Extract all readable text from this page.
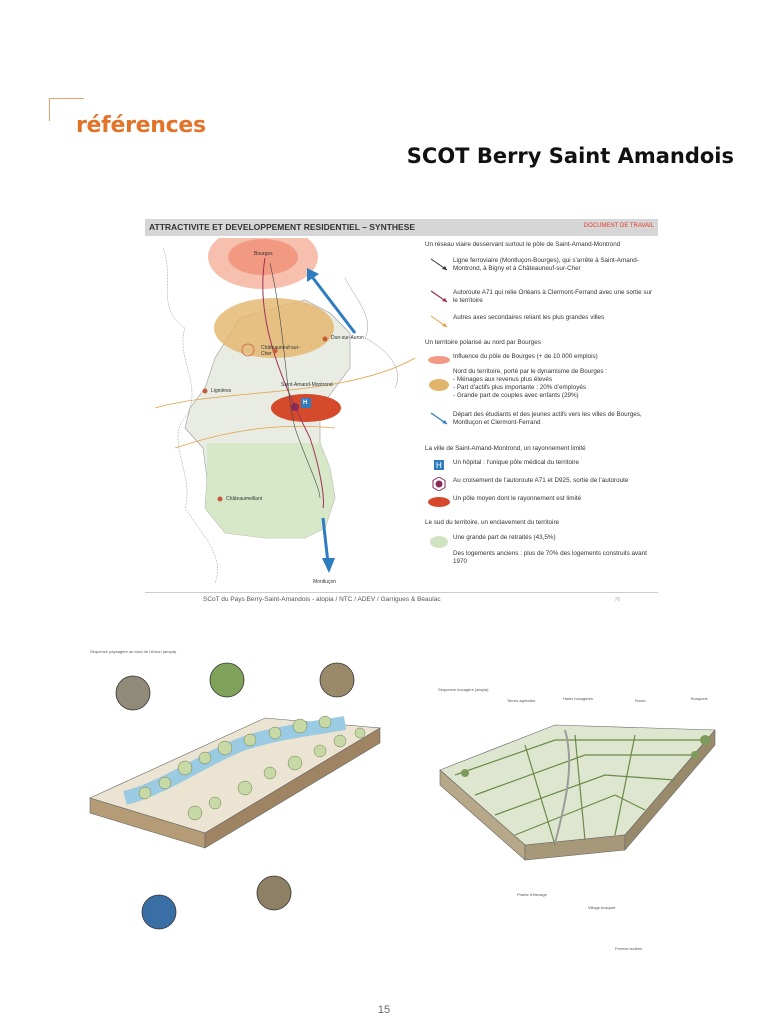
références
SCOT Berry Saint Amandois
ATTRACTIVITE ET DEVELOPPEMENT RESIDENTIEL – SYNTHESE	DOCUMENT DE TRAVAIL
Bourges
Châteauneuf-sur-Cher
Dun-sur-Auron
Lignières
Saint-Amand-Montrond
Châteaumeillant
Montluçon
H
Un réseau viaire desservant surtout le pôle de Saint-Amand-Montrond
Ligne ferroviaire (Montluçon-Bourges), qui s’arrête à Saint-Amand-Montrond, à Bigny et à Châteauneuf-sur-Cher
Autoroute A71 qui relie Orléans à Clermont-Ferrand avec une sortie sur le territoire
Autres axes secondaires reliant les plus grandes villes
Un territoire polarisé au nord par Bourges
Influence du pôle de Bourges (+ de 10 000 emplois)
Nord du territoire, porté par le dynamisme de Bourges :
- Ménages aux revenus plus élevés
- Part d’actifs plus importante : 20% d’employés
- Grande part de couples avec enfants (29%)
Départ des étudiants et des jeunes actifs vers les villes de Bourges, Montluçon et Clermont-Ferrand
La ville de Saint-Amand-Montrond, un rayonnement limité
H Un hôpital : l’unique pôle médical du territoire
Au croisement de l’autoroute A71 et D925, sortie de l’autoroute
Un pôle moyen dont le rayonnement est limité
Le sud du territoire, un enclavement du territoire
Une grande part de retraités (43,5%)

Des logements anciens : plus de 70% des logements construits avant 1970
SCoT du Pays Berry-Saint-Amandois - atopia / NTC / ADEV / Garrigues & Beaulac	76
Séquence paysagère au bord de l’Arnon (atopia)
Séquence bocagère (atopia)
Terres agricoles	Haies bocagères	Route	Bosquets
Prairie d’élevage
Village bosquet
Fermes isolées
15
